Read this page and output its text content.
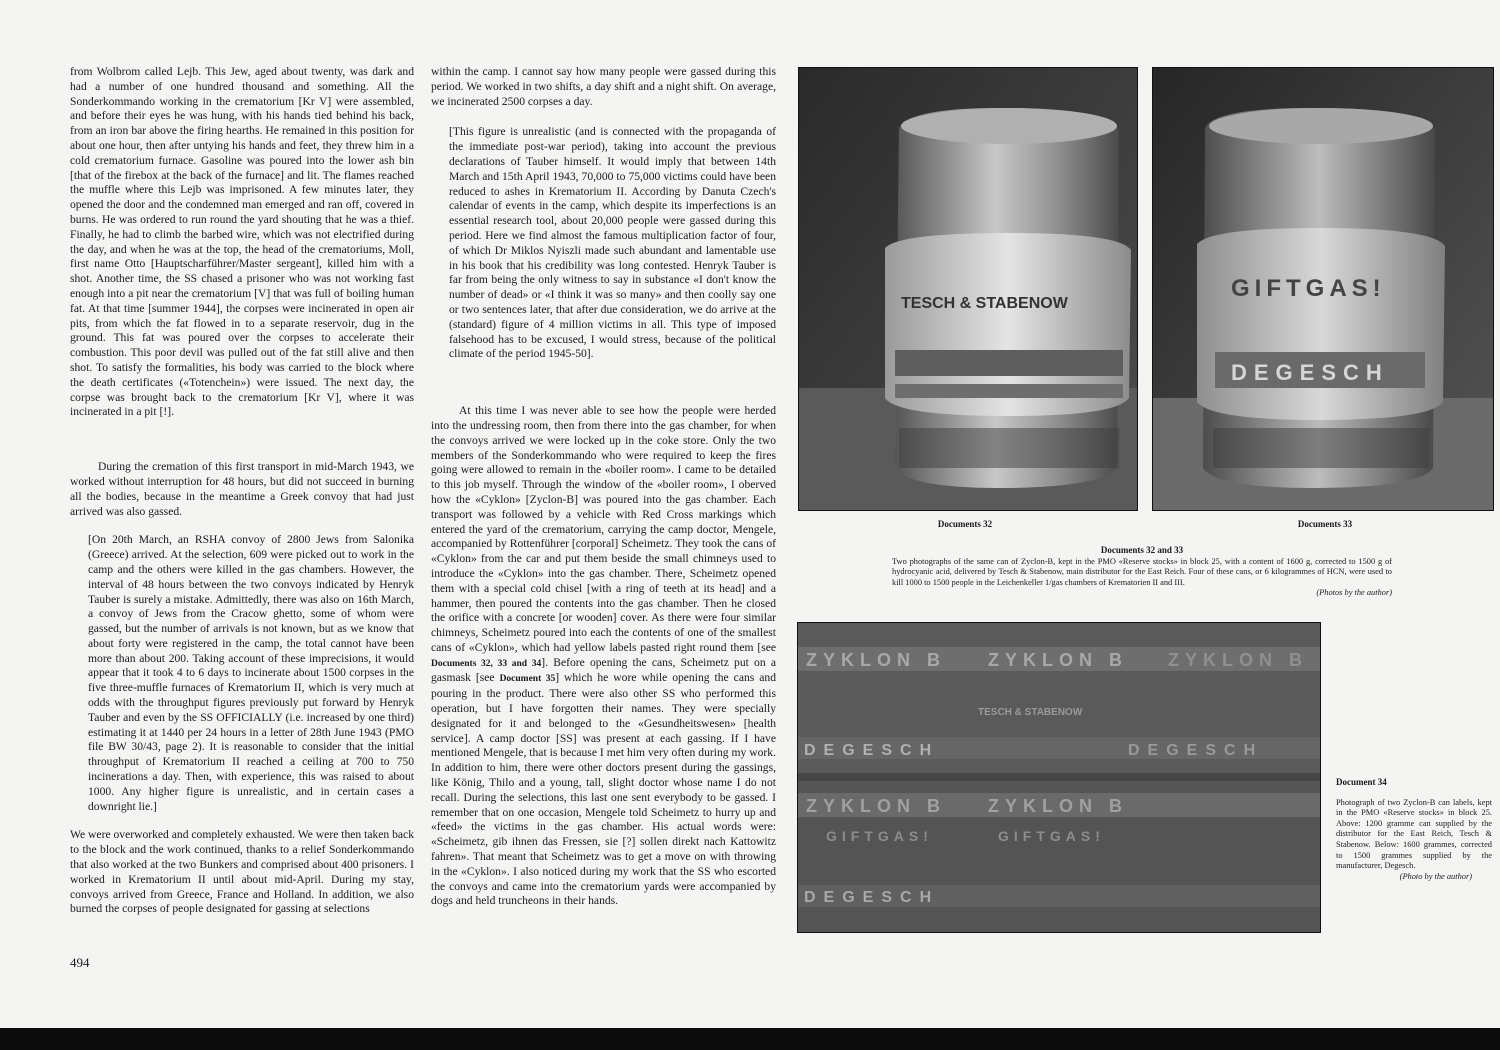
from Wolbrom called Lejb. This Jew, aged about twenty, was dark and had a number of one hundred thousand and something. All the Sonderkommando working in the crematorium [Kr V] were assembled, and before their eyes he was hung, with his hands tied behind his back, from an iron bar above the firing hearths. He remained in this position for about one hour, then after untying his hands and feet, they threw him in a cold crematorium furnace. Gasoline was poured into the lower ash bin [that of the firebox at the back of the furnace] and lit. The flames reached the muffle where this Lejb was imprisoned. A few minutes later, they opened the door and the condemned man emerged and ran off, covered in burns. He was ordered to run round the yard shouting that he was a thief. Finally, he had to climb the barbed wire, which was not electrified during the day, and when he was at the top, the head of the crematoriums, Moll, first name Otto [Hauptscharführer/Master sergeant], killed him with a shot. Another time, the SS chased a prisoner who was not working fast enough into a pit near the crematorium [V] that was full of boiling human fat. At that time [summer 1944], the corpses were incinerated in open air pits, from which the fat flowed in to a separate reservoir, dug in the ground. This fat was poured over the corpses to accelerate their combustion. This poor devil was pulled out of the fat still alive and then shot. To satisfy the formalities, his body was carried to the block where the death certificates («Totenchein») were issued. The next day, the corpse was brought back to the crematorium [Kr V], where it was incinerated in a pit [!].

During the cremation of this first transport in mid-March 1943, we worked without interruption for 48 hours, but did not succeed in burning all the bodies, because in the meantime a Greek convoy that had just arrived was also gassed.

[On 20th March, an RSHA convoy of 2800 Jews from Salonika (Greece) arrived. At the selection, 609 were picked out to work in the camp and the others were killed in the gas chambers. However, the interval of 48 hours between the two convoys indicated by Henryk Tauber is surely a mistake. Admittedly, there was also on 16th March, a convoy of Jews from the Cracow ghetto, some of whom were gassed, but the number of arrivals is not known, but as we know that about forty were registered in the camp, the total cannot have been more than about 200. Taking account of these imprecisions, it would appear that it took 4 to 6 days to incinerate about 1500 corpses in the five three-muffle furnaces of Krematorium II, which is very much at odds with the throughput figures previously put forward by Henryk Tauber and even by the SS OFFICIALLY (i.e. increased by one third) estimating it at 1440 per 24 hours in a letter of 28th June 1943 (PMO file BW 30/43, page 2). It is reasonable to consider that the initial throughput of Krematorium II reached a ceiling at 700 to 750 incinerations a day. Then, with experience, this was raised to about 1000. Any higher figure is unrealistic, and in certain cases a downright lie.]

We were overworked and completely exhausted. We were then taken back to the block and the work continued, thanks to a relief Sonderkommando that also worked at the two Bunkers and comprised about 400 prisoners. I worked in Krematorium II until about mid-April. During my stay, convoys arrived from Greece, France and Holland. In addition, we also burned the corpses of people designated for gassing at selections

within the camp. I cannot say how many people were gassed during this period. We worked in two shifts, a day shift and a night shift. On average, we incinerated 2500 corpses a day.

[This figure is unrealistic (and is connected with the propaganda of the immediate post-war period), taking into account the previous declarations of Tauber himself. It would imply that between 14th March and 15th April 1943, 70,000 to 75,000 victims could have been reduced to ashes in Krematorium II. According by Danuta Czech's calendar of events in the camp, which despite its imperfections is an essential research tool, about 20,000 people were gassed during this period. Here we find almost the famous multiplication factor of four, of which Dr Miklos Nyiszli made such abundant and lamentable use in his book that his credibility was long contested. Henryk Tauber is far from being the only witness to say in substance «I don't know the number of dead» or «I think it was so many» and then coolly say one or two sentences later, that after due consideration, we do arrive at the (standard) figure of 4 million victims in all. This type of imposed falsehood has to be excused, I would stress, because of the political climate of the period 1945-50].

At this time I was never able to see how the people were herded into the undressing room, then from there into the gas chamber, for when the convoys arrived we were locked up in the coke store. Only the two members of the Sonderkommando who were required to keep the fires going were allowed to remain in the «boiler room». I came to be detailed to this job myself. Through the window of the «boiler room», I oberved how the «Cyklon» [Zyclon-B] was poured into the gas chamber. Each transport was followed by a vehicle with Red Cross markings which entered the yard of the crematorium, carrying the camp doctor, Mengele, accompanied by Rottenführer [corporal] Scheimetz. They took the cans of «Cyklon» from the car and put them beside the small chimneys used to introduce the «Cyklon» into the gas chamber. There, Scheimetz opened them with a special cold chisel [with a ring of teeth at its head] and a hammer, then poured the contents into the gas chamber. Then he closed the orifice with a concrete [or wooden] cover. As there were four similar chimneys, Scheimetz poured into each the contents of one of the smallest cans of «Cyklon», which had yellow labels pasted right round them [see Documents 32, 33 and 34]. Before opening the cans, Scheimetz put on a gasmask [see Document 35] which he wore while opening the cans and pouring in the product. There were also other SS who performed this operation, but I have forgotten their names. They were specially designated for it and belonged to the «Gesundheitswesen» [health service]. A camp doctor [SS] was present at each gassing. If I have mentioned Mengele, that is because I met him very often during my work. In addition to him, there were other doctors present during the gassings, like König, Thilo and a young, tall, slight doctor whose name I do not recall. During the selections, this last one sent everybody to be gassed. I remember that on one occasion, Mengele told Scheimetz to hurry up and «feed» the victims in the gas chamber. His actual words were: «Scheimetz, gib ihnen das Fressen, sie [?] sollen direkt nach Kattowitz fahren». That meant that Scheimetz was to get a move on with throwing in the «Cyklon». I also noticed during my work that the SS who escorted the convoys and came into the crematorium yards were accompanied by dogs and held truncheons in their hands.

TESCH & STABENOW
GIFTGAS!
DEGESCH
Documents 32	Documents 33
Documents 32 and 33
Two photographs of the same can of Zyclon-B, kept in the PMO «Reserve stocks» in block 25, with a content of 1600 g, corrected to 1500 g of hydrocyanic acid, delivered by Tesch & Stabenow, main distributor for the East Reich. Four of these cans, or 6 kilogrammes of HCN, were used to kill 1000 to 1500 people in the Leichenkeller 1/gas chambers of Krematorien II and III.
(Photos by the author)
ZYKLON B ZYKLON B ZYKLON B
TESCH & STABENOW
DEGESCH	DEGESCH
ZYKLON B ZYKLON B
GIFTGAS!	GIFTGAS!
DEGESCH
Document 34
Photograph of two Zyclon-B can labels, kept in the PMO «Reserve stocks» in block 25. Above: 1200 gramme can supplied by the distributor for the East Reich, Tesch & Stabenow. Below: 1600 grammes, corrected to 1500 grammes supplied by the manufacturer, Degesch.
(Photo by the author)
494
